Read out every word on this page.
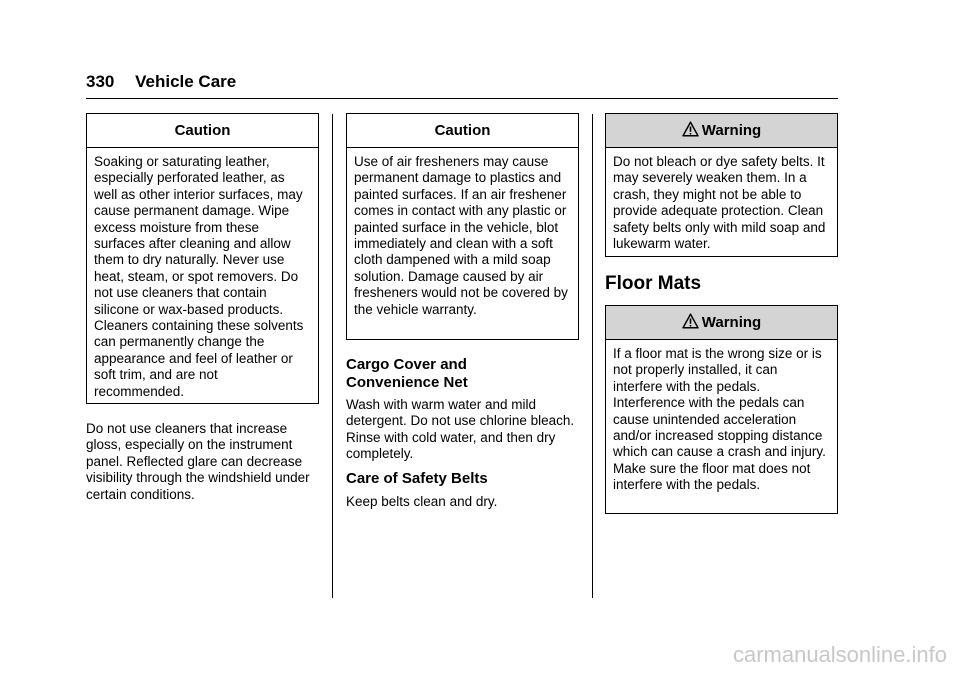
330 Vehicle Care
Caution
Soaking or saturating leather, especially perforated leather, as well as other interior surfaces, may cause permanent damage. Wipe excess moisture from these surfaces after cleaning and allow them to dry naturally. Never use heat, steam, or spot removers. Do not use cleaners that contain silicone or wax-based products. Cleaners containing these solvents can permanently change the appearance and feel of leather or soft trim, and are not recommended.
Do not use cleaners that increase gloss, especially on the instrument panel. Reflected glare can decrease visibility through the windshield under certain conditions.
Caution
Use of air fresheners may cause permanent damage to plastics and painted surfaces. If an air freshener comes in contact with any plastic or painted surface in the vehicle, blot immediately and clean with a soft cloth dampened with a mild soap solution. Damage caused by air fresheners would not be covered by the vehicle warranty.
Cargo Cover and Convenience Net
Wash with warm water and mild detergent. Do not use chlorine bleach. Rinse with cold water, and then dry completely.
Care of Safety Belts
Keep belts clean and dry.
Warning
Do not bleach or dye safety belts. It may severely weaken them. In a crash, they might not be able to provide adequate protection. Clean safety belts only with mild soap and lukewarm water.
Floor Mats
Warning
If a floor mat is the wrong size or is not properly installed, it can interfere with the pedals. Interference with the pedals can cause unintended acceleration and/or increased stopping distance which can cause a crash and injury. Make sure the floor mat does not interfere with the pedals.
carmanualsonline.info
